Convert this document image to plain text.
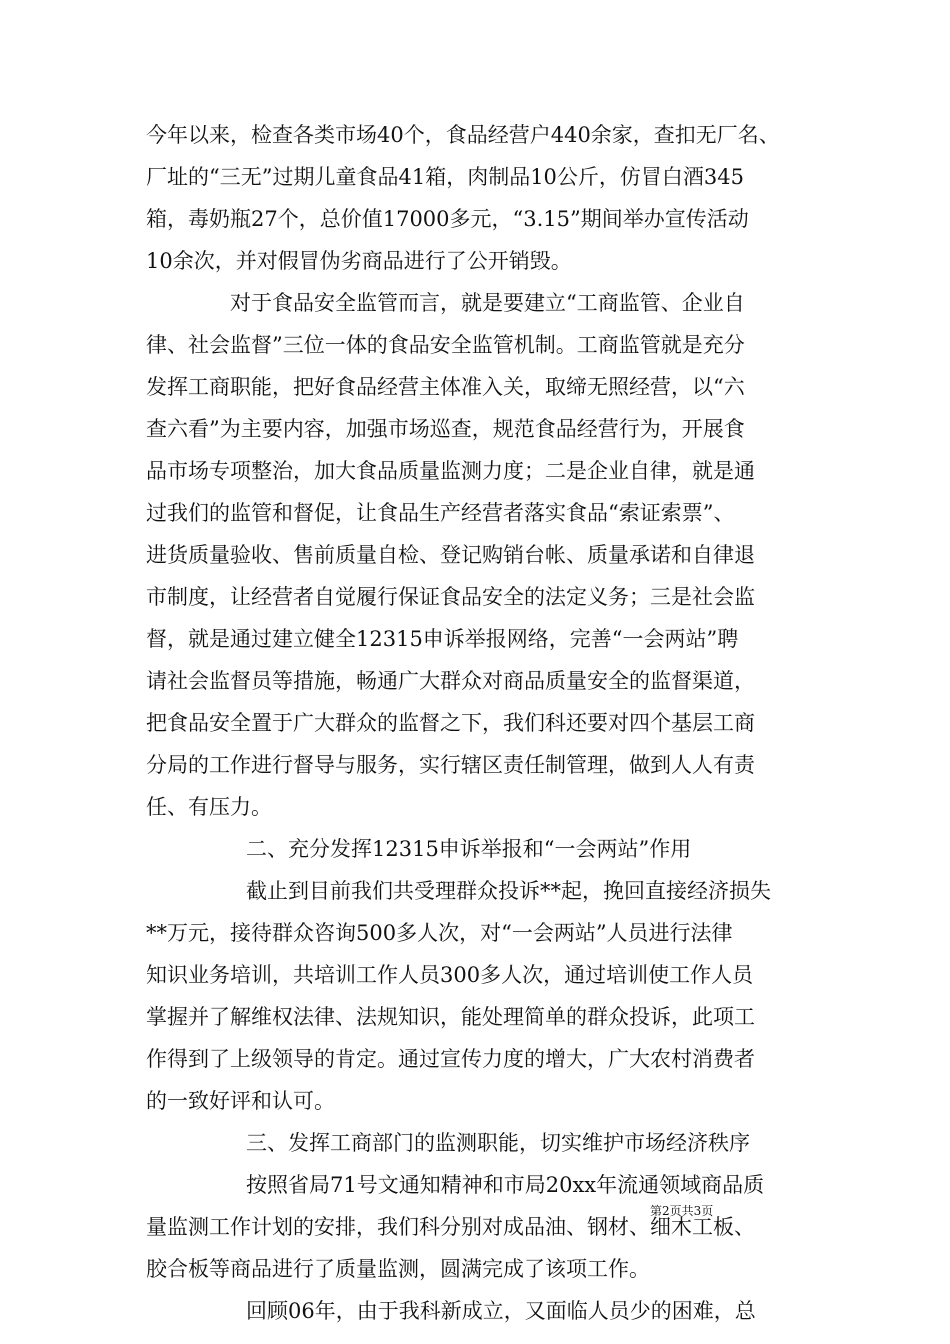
今年以来，检查各类市场40个，食品经营户440余家，查扣无厂名、
厂址的“三无”过期儿童食品41箱，肉制品10公斤，仿冒白酒345
箱，毒奶瓶27个，总价值17000多元，“3.15”期间举办宣传活动
10余次，并对假冒伪劣商品进行了公开销毁。
对于食品安全监管而言，就是要建立“工商监管、企业自
律、社会监督”三位一体的食品安全监管机制。工商监管就是充分
发挥工商职能，把好食品经营主体准入关，取缔无照经营，以“六
查六看”为主要内容，加强市场巡查，规范食品经营行为，开展食
品市场专项整治，加大食品质量监测力度；二是企业自律，就是通
过我们的监管和督促，让食品生产经营者落实食品“索证索票”、
进货质量验收、售前质量自检、登记购销台帐、质量承诺和自律退
市制度，让经营者自觉履行保证食品安全的法定义务；三是社会监
督，就是通过建立健全12315申诉举报网络，完善“一会两站”聘
请社会监督员等措施，畅通广大群众对商品质量安全的监督渠道，
把食品安全置于广大群众的监督之下，我们科还要对四个基层工商
分局的工作进行督导与服务，实行辖区责任制管理，做到人人有责
任、有压力。
二、充分发挥12315申诉举报和“一会两站”作用
截止到目前我们共受理群众投诉**起，挽回直接经济损失
**万元，接待群众咨询500多人次，对“一会两站”人员进行法律
知识业务培训，共培训工作人员300多人次，通过培训使工作人员
掌握并了解维权法律、法规知识，能处理简单的群众投诉，此项工
作得到了上级领导的肯定。通过宣传力度的增大，广大农村消费者
的一致好评和认可。
三、发挥工商部门的监测职能，切实维护市场经济秩序
按照省局71号文通知精神和市局20xx年流通领域商品质
量监测工作计划的安排，我们科分别对成品油、钢材、细木工板、
胶合板等商品进行了质量监测，圆满完成了该项工作。
回顾06年，由于我科新成立，又面临人员少的困难，总
第2页共3页
